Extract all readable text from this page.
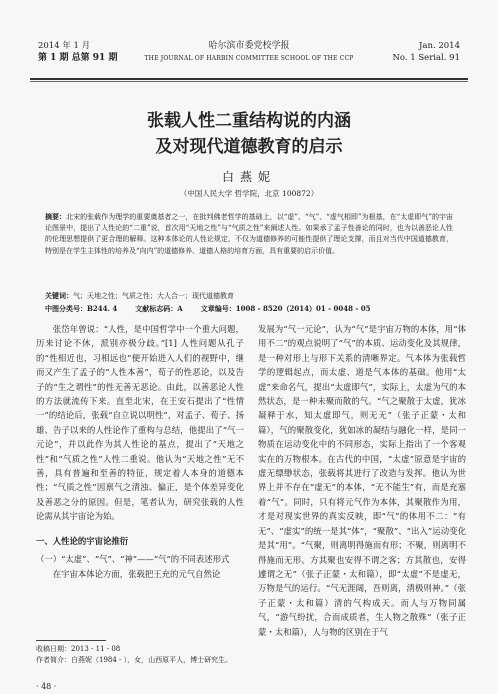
2014 年 1 月
第 1 期 总第 91 期
哈尔滨市委党校学报
THE JOURNAL OF HARBIN COMMITTEE SCHOOL OF THE CCP
Jan. 2014
No. 1 Serial. 91
张载人性二重结构说的内涵
及对现代道德教育的启示
白燕妮
（中国人民大学 哲学院，北京 100872）
摘要：北宋的张载作为理学的重要奠基者之一，在批判佛老哲学的基础上，以“虚”、“气”、“虚气相即”为根基，在“太虚即气”的宇宙论图景中，提出了人性论的“二重”说，首次用“天地之性”与“气质之性”来阐述人性。如果承了孟子性善论的同时，也为以善恶论人性的伦理思想提供了更合理的解释。这种本体论的人性论规定，不仅为道德修养的可能性提供了理论支撑，而且对当代中国道德教育，特别是在学生主体性的培养及“向内”的道德修养、道德人格的培育方面，具有重要的启示价值。
关键词：气；天地之性；气质之性；大人合一；现代道德教育
中图分类号：B244. 4	文献标志码：A	文章编号：1008 - 8520（2014）01 - 0048 - 05

张岱年曾说：“人性，是中国哲学中一个重大问题，历来讨论不休，派别亦极分歧。”[1] 人性问题从孔子的“性相近也，习相远也”便开始进入人们的视野中，继而又产生了孟子的“人性本善”，荀子的性恶论，以及告子的“生之谓性”的性无善无恶论。由此，以善恶论人性的方法就流传下来。直至北宋，在王安石提出了“性情一”的结论后，张载“自立说以明性”，对孟子、荀子、扬雄、告子以来的人性论作了重构与总结，他提出了“气一元论”，并以此作为其人性论的基点，提出了“天地之性”和“气质之性”人性二重说。他认为“天地之性”无不善，具有普遍和至善的特征，规定着人本身的道德本性；“气质之性”因禀气之清浊、偏正，是个体差异变化及善恶之分的原因。但是，笔者认为，研究张载的人性论需从其宇宙论为始。

一、人性论的宇宙论推衍

（一）“太虚”、“气”、“神”——“气”的不同表述形式

在宇宙本体论方面，张载把王充的元气自然论

发展为“气一元论”，认为“气”是宇宙万物的本体，用“体用不二”的观点说明了“气”的本质、运动变化及其规律，是一种对形上与形下关系的清晰界定。气本体为张载哲学的逻辑起点，而太虚、道是气本体的基础。他用“太虚”来命名气，提出“太虚即气”，实际上，太虚为气的本然状态，是一种未聚而散的气。“气之聚散于太虚，犹冰凝释于水，知太虚即气，则无无”（张子正蒙・太和篇），气的聚散变化，犹如冰的凝结与融化一样，是同一物质在运动变化中的不同形态，实际上指出了一个客观实在的万物根本。在古代的中国，“太虚”原意是宇宙的虚无缥缈状态，张载将其进行了改造与发挥。他认为世界上并不存在“虚无”的本体，“无不能生”有，而是充塞着“气”。同时，只有将元气作为本体，其聚散作为用，才是对现实世界的真实反映，即“气”的体用不二：“有无”、“虚实”的统一是其“体”，“聚散”、“出入”运动变化是其“用”。“气聚，则离明得施而有形；不聚，则离明不得施而无形。方其聚也安得不谓之客；方其散也，安得遽谓之无”（张子正蒙・太和篇），即“太虚”不是虚无，万物是气的运行。“气无涯阔，吾则离，清极则神。”（张子正蒙・太和篇）清的气构成天。而人与万物同属气，“游气纷扰，合而成质者，生人物之散殊”（张子正蒙・太和篇），人与物的区别在于气

收稿日期：2013 - 11 - 08
作者简介：白燕妮（1984 - ），女，山西原平人，博士研究生。
· 48 ·
